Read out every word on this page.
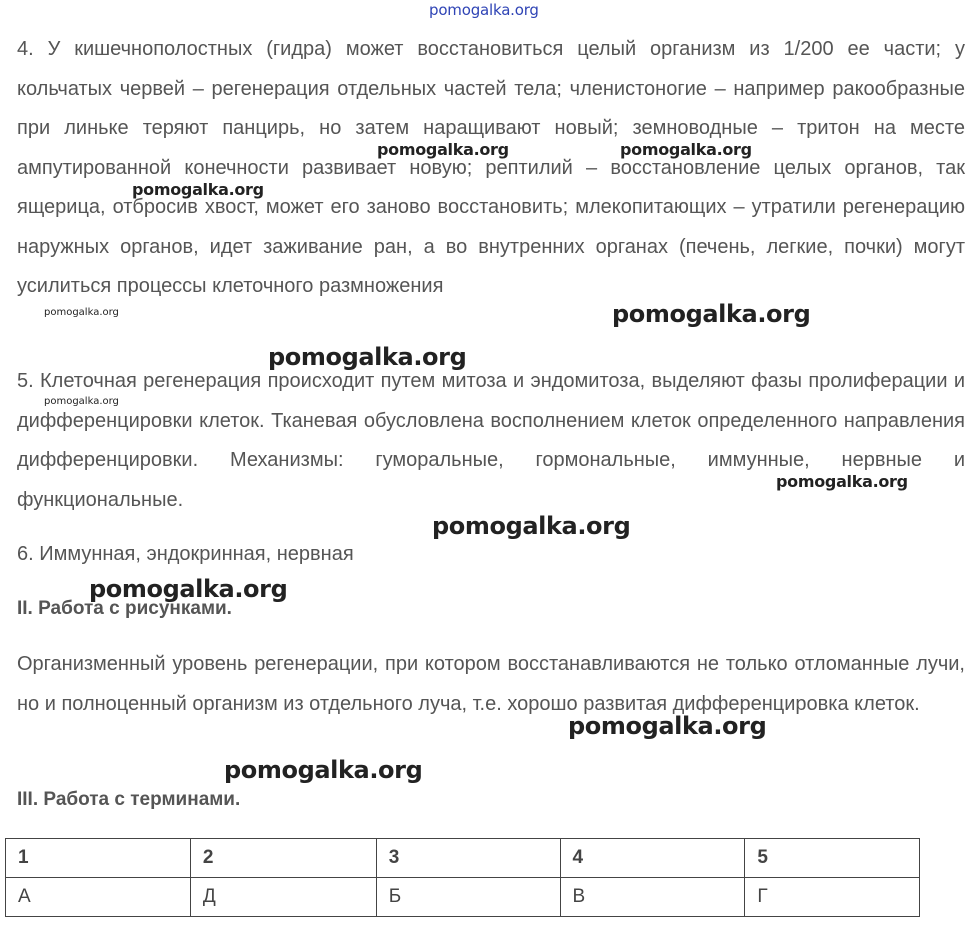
pomogalka.org

4. У кишечнополостных (гидра) может восстановиться целый организм из 1/200 ее части; у кольчатых червей – регенерация отдельных частей тела; членистоногие – например ракообразные при линьке теряют панцирь, но затем наращивают новый; земноводные – тритон на месте ампутированной конечности развивает новую; рептилий – восстановление целых органов, так ящерица, отбросив хвост, может его заново восстановить; млекопитающих – утратили регенерацию наружных органов, идет заживание ран, а во внутренних органах (печень, легкие, почки) могут усилиться процессы клеточного размножения

5. Клеточная регенерация происходит путем митоза и эндомитоза, выделяют фазы пролиферации и дифференцировки клеток. Тканевая обусловлена восполнением клеток определенного направления дифференцировки. Механизмы: гуморальные, гормональные, иммунные, нервные и функциональные.

6. Иммунная, эндокринная, нервная

II. Работа с рисунками.

Организменный уровень регенерации, при котором восстанавливаются не только отломанные лучи, но и полноценный организм из отдельного луча, т.е. хорошо развитая дифференцировка клеток.

III. Работа с терминами.
1	2	3	4	5
А	Д	Б	В	Г
pomogalka.org	pomogalka.org
pomogalka.org
pomogalka.org	pomogalka.org
pomogalka.org
pomogalka.org
pomogalka.org
pomogalka.org
pomogalka.org
pomogalka.org
pomogalka.org
